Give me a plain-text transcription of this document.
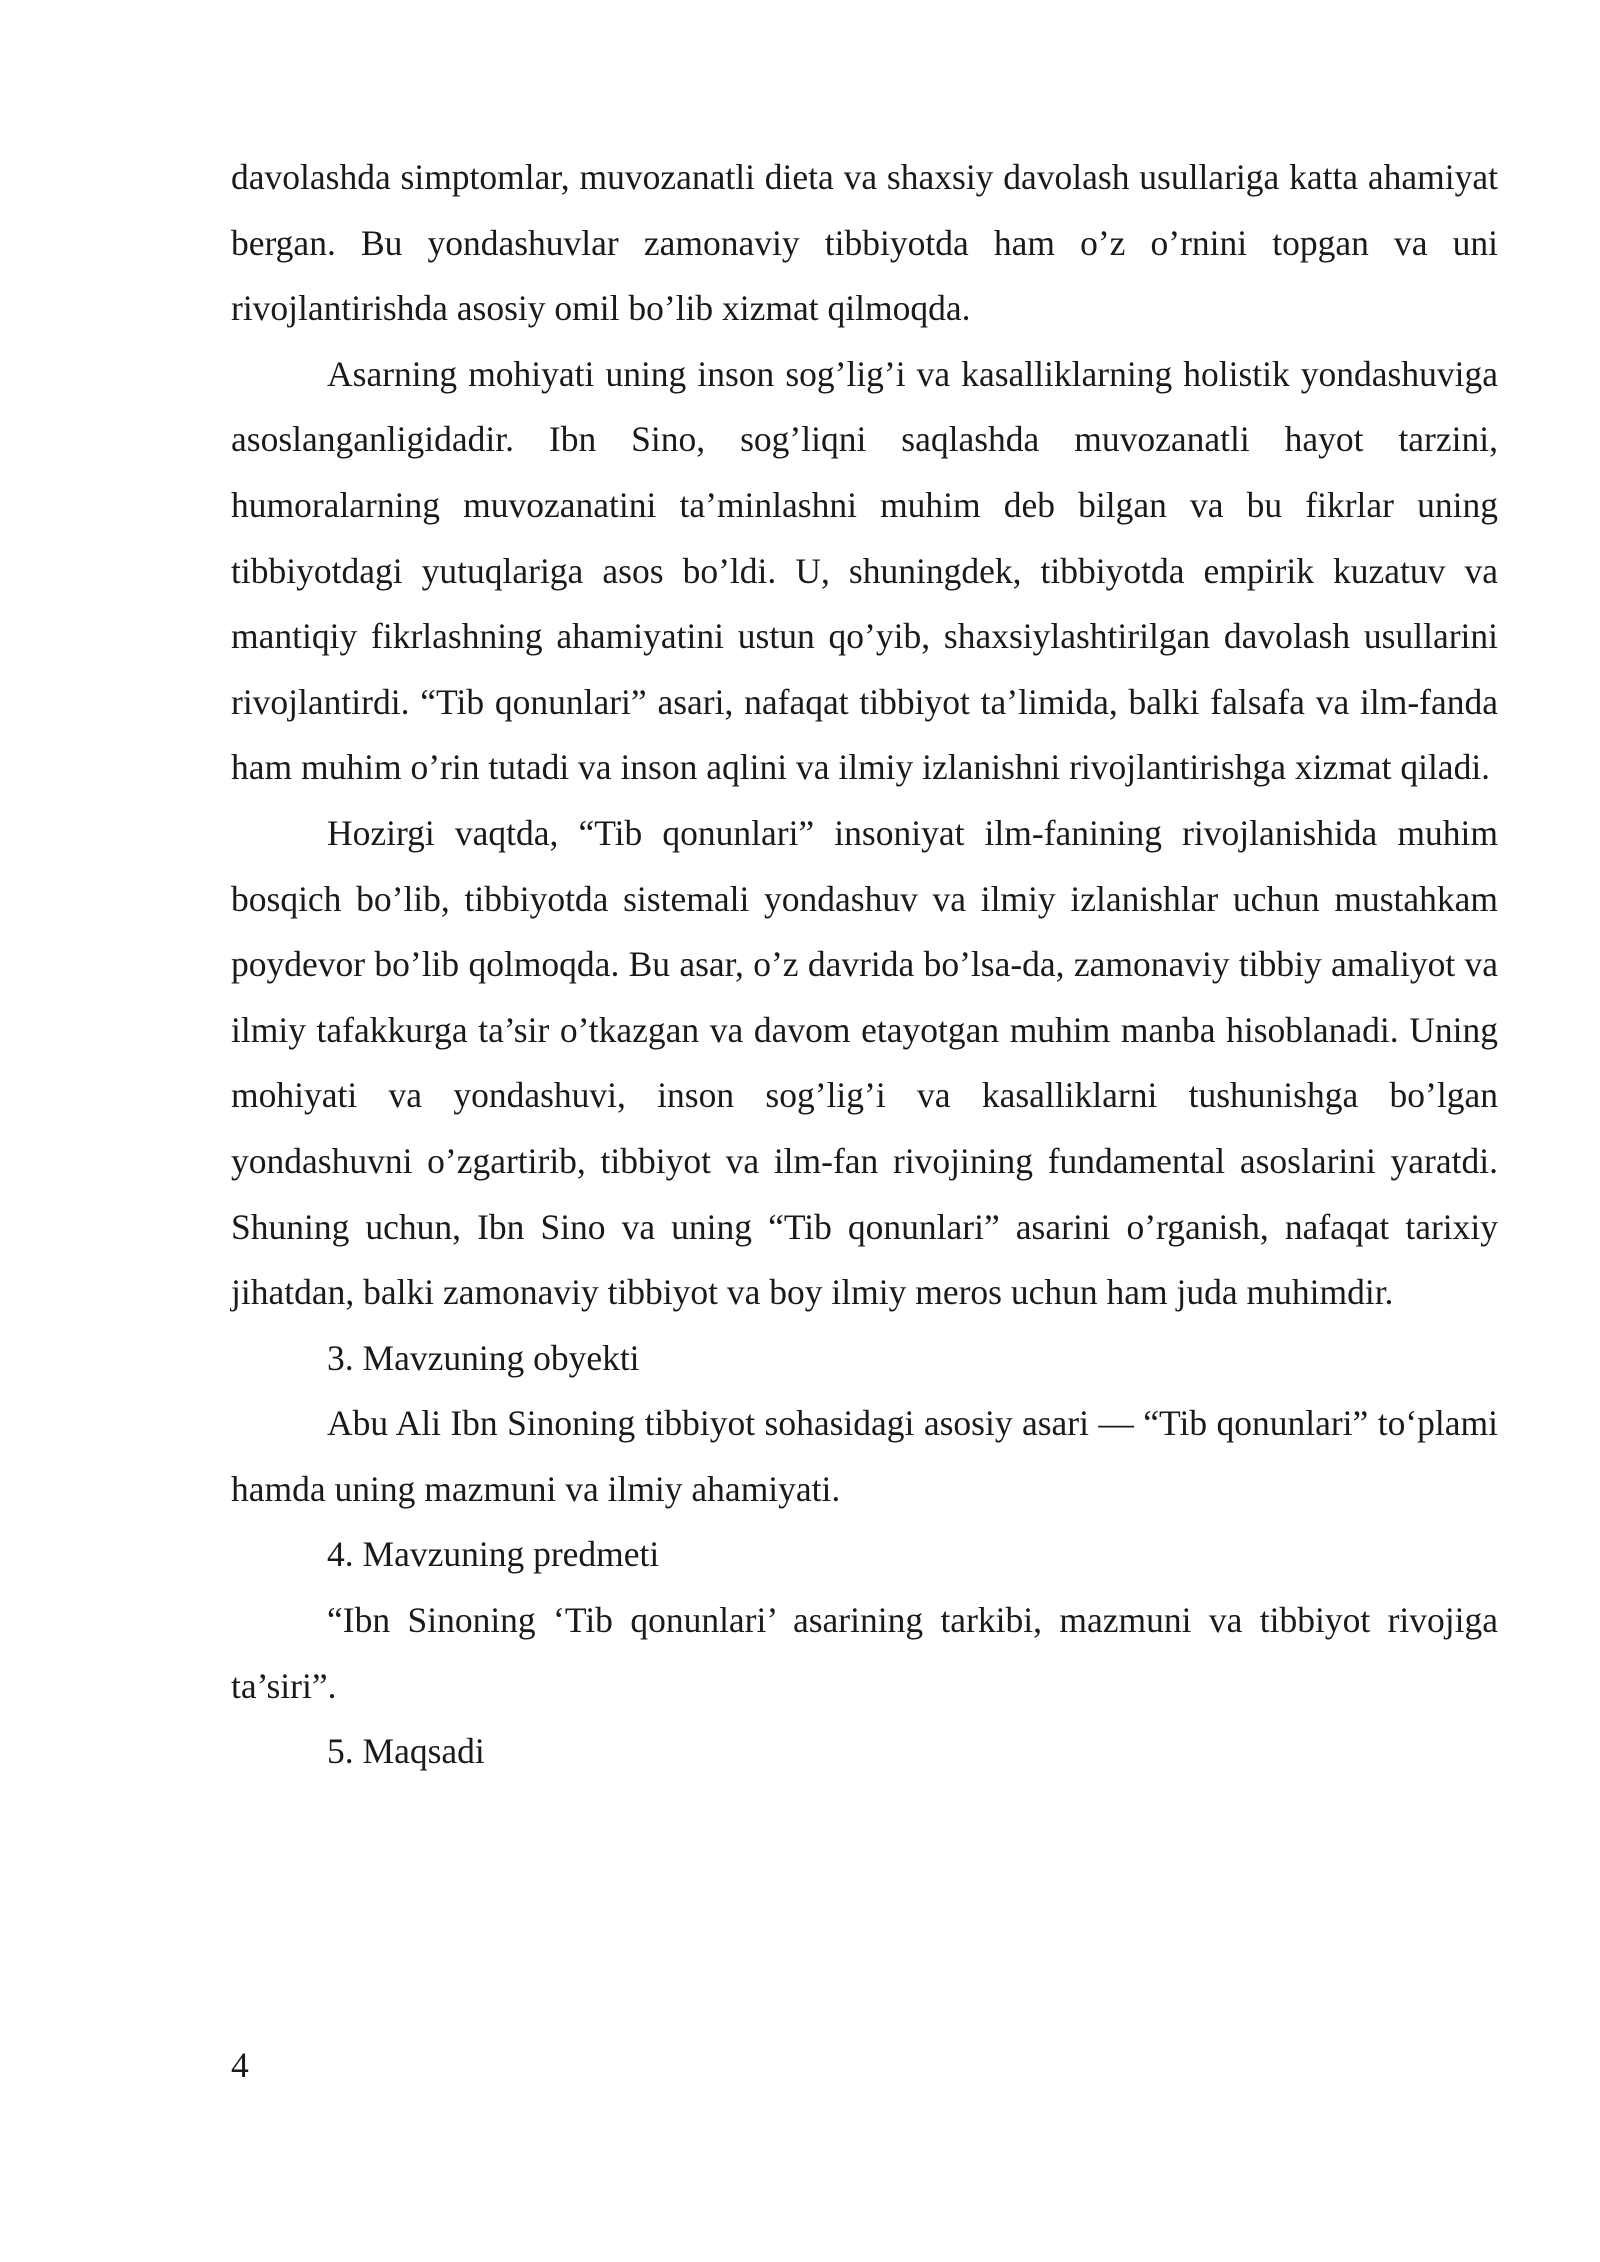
davolashda simptomlar, muvozanatli dieta va shaxsiy davolash usullariga katta ahamiyat bergan. Bu yondashuvlar zamonaviy tibbiyotda ham o’z o’rnini topgan va uni rivojlantirishda asosiy omil bo’lib xizmat qilmoqda.

Asarning mohiyati uning inson sog’lig’i va kasalliklarning holistik yondashuviga asoslanganligidadir. Ibn Sino, sog’liqni saqlashda muvozanatli hayot tarzini, humoralarning muvozanatini ta’minlashni muhim deb bilgan va bu fikrlar uning tibbiyotdagi yutuqlariga asos bo’ldi. U, shuningdek, tibbiyotda empirik kuzatuv va mantiqiy fikrlashning ahamiyatini ustun qo’yib, shaxsiylashtirilgan davolash usullarini rivojlantirdi. “Tib qonunlari” asari, nafaqat tibbiyot ta’limida, balki falsafa va ilm-fanda ham muhim o’rin tutadi va inson aqlini va ilmiy izlanishni rivojlantirishga xizmat qiladi.

Hozirgi vaqtda, “Tib qonunlari” insoniyat ilm-fanining rivojlanishida muhim bosqich bo’lib, tibbiyotda sistemali yondashuv va ilmiy izlanishlar uchun mustahkam poydevor bo’lib qolmoqda. Bu asar, o’z davrida bo’lsa-da, zamonaviy tibbiy amaliyot va ilmiy tafakkurga ta’sir o’tkazgan va davom etayotgan muhim manba hisoblanadi. Uning mohiyati va yondashuvi, inson sog’lig’i va kasalliklarni tushunishga bo’lgan yondashuvni o’zgartirib, tibbiyot va ilm-fan rivojining fundamental asoslarini yaratdi. Shuning uchun, Ibn Sino va uning “Tib qonunlari” asarini o’rganish, nafaqat tarixiy jihatdan, balki zamonaviy tibbiyot va boy ilmiy meros uchun ham juda muhimdir.

3. Mavzuning obyekti

Abu Ali Ibn Sinoning tibbiyot sohasidagi asosiy asari — “Tib qonunlari” to‘plami hamda uning mazmuni va ilmiy ahamiyati.

4. Mavzuning predmeti

“Ibn Sinoning ‘Tib qonunlari’ asarining tarkibi, mazmuni va tibbiyot rivojiga ta’siri”.

5. Maqsadi

4
